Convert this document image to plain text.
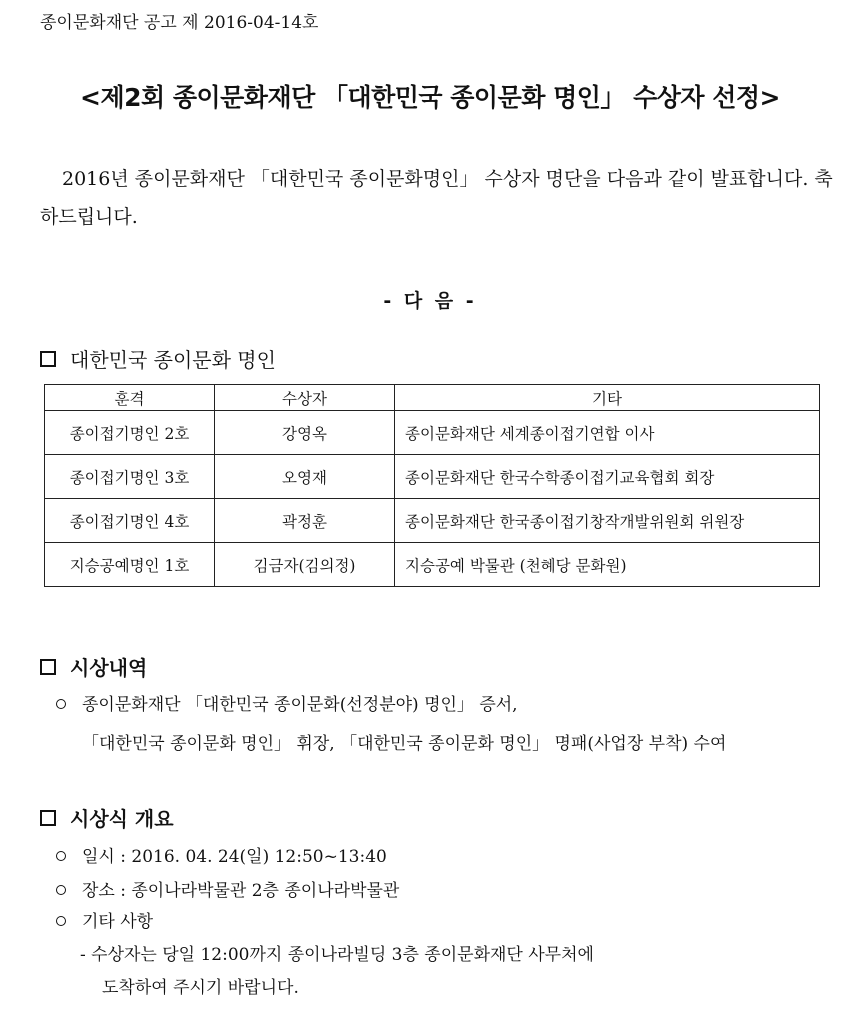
종이문화재단 공고 제 2016-04-14호
<제2회 종이문화재단 「대한민국 종이문화 명인」 수상자 선정>
2016년 종이문화재단 「대한민국 종이문화명인」 수상자 명단을 다음과 같이 발표합니다. 축하드립니다.
- 다 음 -
대한민국 종이문화 명인
훈격	수상자	기타
종이접기명인 2호	강영옥	종이문화재단 세계종이접기연합 이사
종이접기명인 3호	오영재	종이문화재단 한국수학종이접기교육협회 회장
종이접기명인 4호	곽정훈	종이문화재단 한국종이접기창작개발위원회 위원장
지승공예명인 1호	김금자(김의정)	지승공예 박물관 (천혜당 문화원)
시상내역
종이문화재단 「대한민국 종이문화(선정분야) 명인」 증서,
「대한민국 종이문화 명인」 휘장, 「대한민국 종이문화 명인」 명패(사업장 부착) 수여
시상식 개요
일시 : 2016. 04. 24(일) 12:50~13:40
장소 : 종이나라박물관 2층 종이나라박물관
기타 사항
- 수상자는 당일 12:00까지 종이나라빌딩 3층 종이문화재단 사무처에
도착하여 주시기 바랍니다.
